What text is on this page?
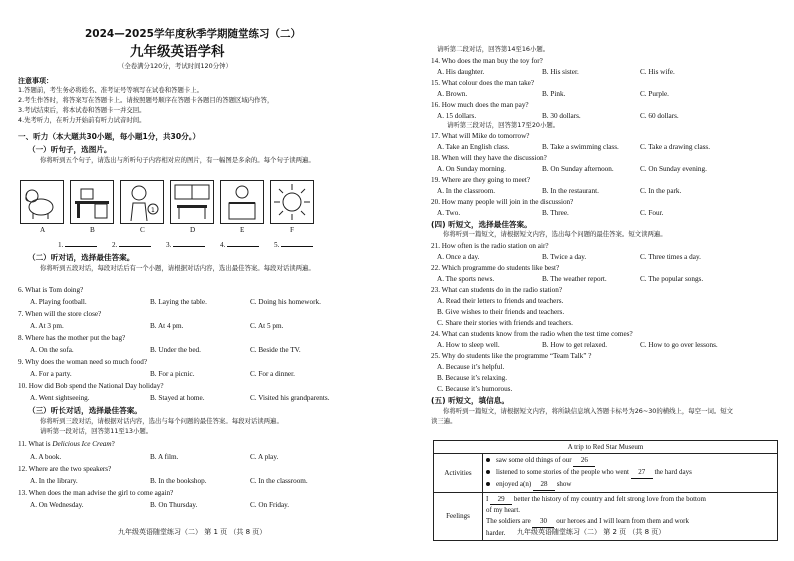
2024—2025学年度秋季学期随堂练习（二）
九年级英语学科
（全卷满分120分，考试时间120分钟）
注意事项：
1.答题前，考生务必将姓名、准考证号等填写在试卷和答题卡上。
2.考生作答时，将答案写在答题卡上。请按照题号顺序在答题卡各题目的答题区域内作答，
3.考试结束后，将本试卷和答题卡一并交回。
4.先考听力，在听力开始前有听力试音时间。
一、听力（本大题共30小题，每小题1分，共30分。）
（一）听句子，选图片。
你将听到五个句子，请选出与所听句子内容相对应的图片，有一幅图是多余的。每个句子读两遍。
1
A	B	C	D	E	F
1.	2.	3.	4.	5.
（二）听对话，选择最佳答案。
你将听到五段对话，每段对话后有一个小题，请根据对话内容，选出最佳答案。每段对话读两遍。
6. What is Tom doing?
A. Playing football.	B. Laying the table.	C. Doing his homework.
7. When will the store close?
A. At 3 pm.	B. At 4 pm.	C. At 5 pm.
8. Where has the mother put the bag?
A. On the sofa.	B. Under the bed.	C. Beside the TV.
9. Why does the woman need so much food?
A. For a party.	B. For a picnic.	C. For a dinner.
10. How did Bob spend the National Day holiday?
A. Went sightseeing.	B. Stayed at home.	C. Visited his grandparents.
（三）听长对话，选择最佳答案。
你将听到三段对话，请根据对话内容，选出与每个问题的最佳答案。每段对话读两遍。
请听第一段对话，回答第11至13小题。
11. What is Delicious Ice Cream?
A. A book.	B. A film.	C. A play.
12. Where are the two speakers?
A. In the library.	B. In the bookshop.	C. In the classroom.
13. When does the man advise the girl to come again?
A. On Wednesday.	B. On Thursday.	C. On Friday.
九年级英语随堂练习（二） 第 1 页 （共 8 页）
请听第二段对话，回答第14至16小题。
14. Who does the man buy the toy for?
A. His daughter.	B. His sister.	C. His wife.
15. What colour does the man take?
A. Brown.	B. Pink.	C. Purple.
16. How much does the man pay?
A. 15 dollars.	B. 30 dollars.	C. 60 dollars.
请听第三段对话，回答第17至20小题。
17. What will Mike do tomorrow?
A. Take an English class.	B. Take a swimming class.	C. Take a drawing class.
18. When will they have the discussion?
A. On Sunday morning.	B. On Sunday afternoon.	C. On Sunday evening.
19. Where are they going to meet?
A. In the classroom.	B. In the restaurant.	C. In the park.
20. How many people will join in the discussion?
A. Two.	B. Three.	C. Four.
(四) 听短文，选择最佳答案。
你将听到一篇短文，请根据短文内容，选出每个问题的最佳答案。短文读两遍。
21. How often is the radio station on air?
A. Once a day.	B. Twice a day.	C. Three times a day.
22. Which programme do students like best?
A. The sports news.	B. The weather report.	C. The popular songs.
23. What can students do in the radio station?
A. Read their letters to friends and teachers.
B. Give wishes to their friends and teachers.
C. Share their stories with friends and teachers.
24. What can students know from the radio when the test time comes?
A. How to sleep well.	B. How to get relaxed.	C. How to go over lessons.
25. Why do students like the programme “Team Talk” ?
A. Because it’s helpful.
B. Because it’s relaxing.
C. Because it’s humorous.
(五) 听短文，填信息。
你将听到一篇短文，请根据短文内容，将所缺信息填入答题卡标号为26~30的横线上，每空一词。短文
读三遍。
A trip to Red Star Museum	
Activities	saw some old things of our 26
listened to some stories of the people who went 27 the hard days
enjoyed a(n) 28 show

Feelings	I 29 better the history of my country and felt strong love from the bottom
of my heart.
The soldiers are 30 our heroes and I will learn from them and work
harder.	九年级英语随堂练习（二） 第 2 页 （共 8 页）
